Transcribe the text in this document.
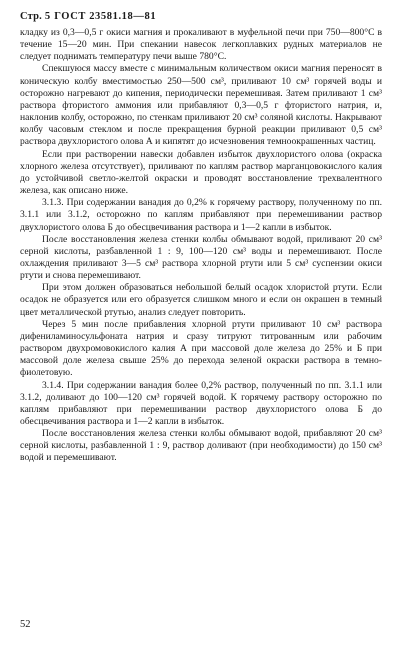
Стр. 5 ГОСТ 23581.18—81

кладку из 0,3—0,5 г окиси магния и прокаливают в муфельной печи при 750—800°C в течение 15—20 мин. При спекании навесок легкоплавких рудных материалов не следует поднимать температуру печи выше 780°C.

Спекшуюся массу вместе с минимальным количеством окиси магния переносят в коническую колбу вместимостью 250—500 см³, приливают 10 см³ горячей воды и осторожно нагревают до кипения, периодически перемешивая. Затем приливают 1 см³ раствора фтористого аммония или прибавляют 0,3—0,5 г фтористого натрия, и, наклонив колбу, осторожно, по стенкам приливают 20 см³ соляной кислоты. Накрывают колбу часовым стеклом и после прекращения бурной реакции приливают 0,5 см³ раствора двухлористого олова А и кипятят до исчезновения темноокрашенных частиц.

Если при растворении навески добавлен избыток двухлористого олова (окраска хлорного железа отсутствует), приливают по каплям раствор марганцовокислого калия до устойчивой светло-желтой окраски и проводят восстановление трехвалентного железа, как описано ниже.

3.1.3. При содержании ванадия до 0,2% к горячему раствору, полученному по пп. 3.1.1 или 3.1.2, осторожно по каплям прибавляют при перемешивании раствор двухлористого олова Б до обесцвечивания раствора и 1—2 капли в избыток.

После восстановления железа стенки колбы обмывают водой, приливают 20 см³ серной кислоты, разбавленной 1 : 9, 100—120 см³ воды и перемешивают. После охлаждения приливают 3—5 см³ раствора хлорной ртути или 5 см³ суспензии окиси ртути и снова перемешивают.

При этом должен образоваться небольшой белый осадок хлористой ртути. Если осадок не образуется или его образуется слишком много и если он окрашен в темный цвет металлической ртутью, анализ следует повторить.

Через 5 мин после прибавления хлорной ртути приливают 10 см³ раствора дифениламиносульфоната натрия и сразу титруют титрованным или рабочим раствором двухромовокислого калия А при массовой доле железа до 25% и Б при массовой доле железа свыше 25% до перехода зеленой окраски раствора в темно-фиолетовую.

3.1.4. При содержании ванадия более 0,2% раствор, полученный по пп. 3.1.1 или 3.1.2, доливают до 100—120 см³ горячей водой. К горячему раствору осторожно по каплям прибавляют при перемешивании раствор двухлористого олова Б до обесцвечивания раствора и 1—2 капли в избыток.

После восстановления железа стенки колбы обмывают водой, прибавляют 20 см³ серной кислоты, разбавленной 1 : 9, раствор доливают (при необходимости) до 150 см³ водой и перемешивают.

52
